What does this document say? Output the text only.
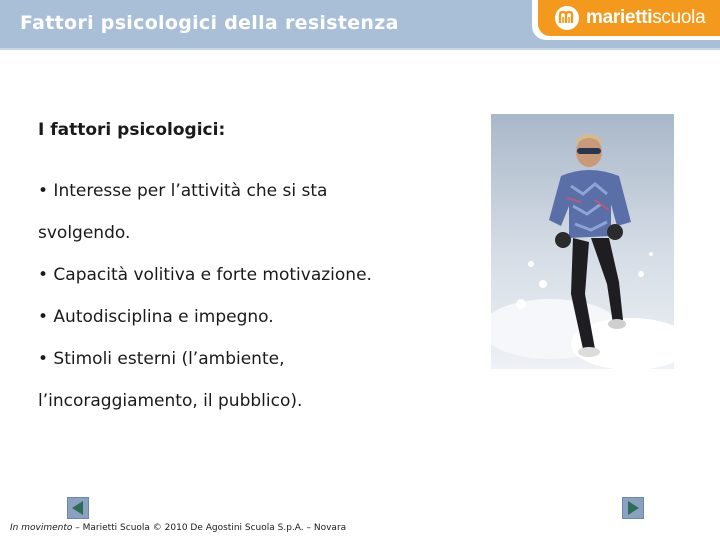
Fattori psicologici della resistenza	mariettiscuola

I fattori psicologici:

• Interesse per l’attività che si sta

svolgendo.

• Capacità volitiva e forte motivazione.

• Autodisciplina e impegno.

• Stimoli esterni (l’ambiente,

l’incoraggiamento, il pubblico).

In movimento – Marietti Scuola © 2010 De Agostini Scuola S.p.A. – Novara
